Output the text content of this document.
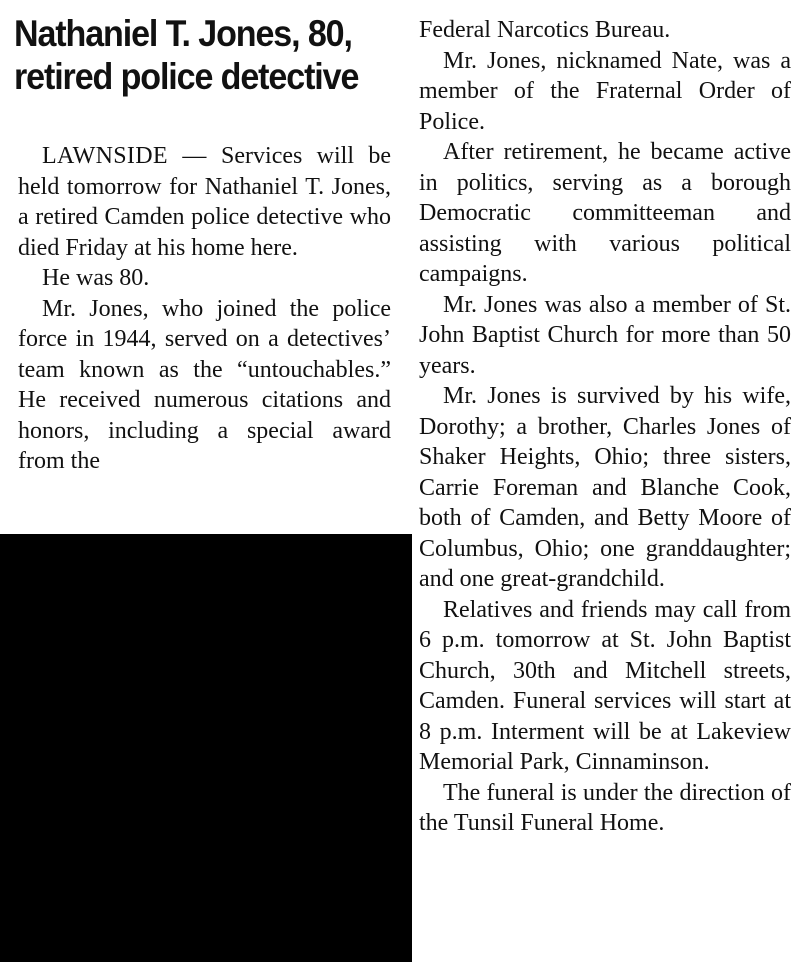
Nathaniel T. Jones, 80,
retired police detective

LAWNSIDE — Services will be held tomorrow for Nathaniel T. Jones, a retired Camden police detective who died Friday at his home here.

He was 80.

Mr. Jones, who joined the police force in 1944, served on a detectives’ team known as the “untouchables.” He received numerous citations and honors, including a special award from the

Federal Narcotics Bureau.

Mr. Jones, nicknamed Nate, was a member of the Fraternal Order of Police.

After retirement, he became active in politics, serving as a borough Democratic committeeman and assisting with various political campaigns.

Mr. Jones was also a member of St. John Baptist Church for more than 50 years.

Mr. Jones is survived by his wife, Dorothy; a brother, Charles Jones of Shaker Heights, Ohio; three sisters, Carrie Foreman and Blanche Cook, both of Camden, and Betty Moore of Columbus, Ohio; one granddaughter; and one great-grandchild.

Relatives and friends may call from 6 p.m. tomorrow at St. John Baptist Church, 30th and Mitchell streets, Camden. Funeral services will start at 8 p.m. Interment will be at Lakeview Memorial Park, Cinnaminson.

The funeral is under the direction of the Tunsil Funeral Home.
